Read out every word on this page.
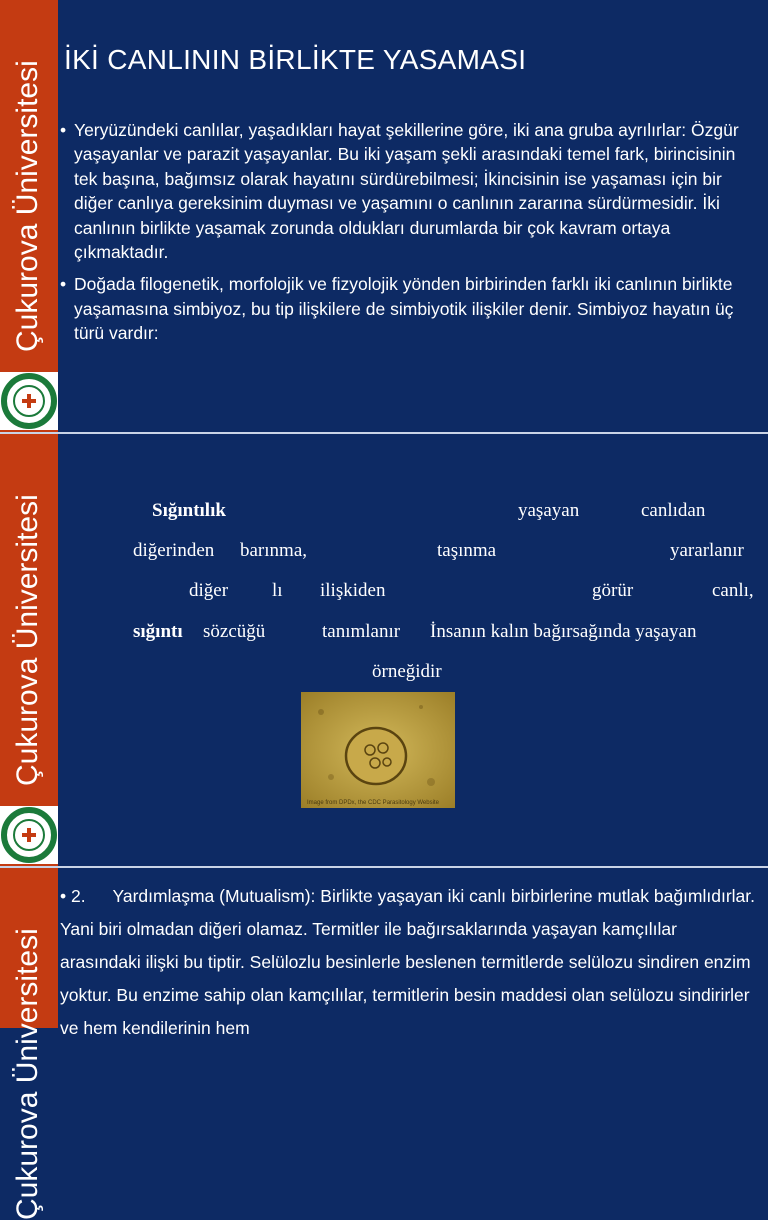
Çukurova Üniversitesi
İKİ CANLININ BİRLİKTE YASAMASI
• Yeryüzündeki canlılar, yaşadıkları hayat şekillerine göre, iki ana gruba ayrılırlar: Özgür yaşayanlar ve parazit yaşayanlar. Bu iki yaşam şekli arasındaki temel fark, birincisinin tek başına, bağımsız olarak hayatını sürdürebilmesi; İkincisinin ise yaşaması için bir diğer canlıya gereksinim duyması ve yaşamını o canlının zararına sürdürmesidir. İki canlının birlikte yaşamak zorunda oldukları durumlarda bir çok kavram ortaya çıkmaktadır.
• Doğada filogenetik, morfolojik ve fizyolojik yönden birbirinden farklı iki canlının birlikte yaşamasına simbiyoz, bu tip ilişkilere de simbiyotik ilişkiler denir. Simbiyoz hayatın üç türü vardır:
Çukurova Üniversitesi	Sığıntılık	yaşayan	canlıdan
diğerinden barınma,	taşınma	yararlanır
diğer lı ilişkiden	görür	canlı,
sığıntı sözcüğü	tanımlanır İnsanın kalın bağırsağında yaşayan
örneğidir
Image from DPDx, the CDC Parasitology Website
Çukurova Üniversitesi
• 2. Yardımlaşma (Mutualism): Birlikte yaşayan iki canlı birbirlerine mutlak bağımlıdırlar. Yani biri olmadan diğeri olamaz. Termitler ile bağırsaklarında yaşayan kamçılılar arasındaki ilişki bu tiptir. Selülozlu besinlerle beslenen termitlerde selülozu sindiren enzim yoktur. Bu enzime sahip olan kamçılılar, termitlerin besin maddesi olan selülozu sindirirler ve hem kendilerinin hem
